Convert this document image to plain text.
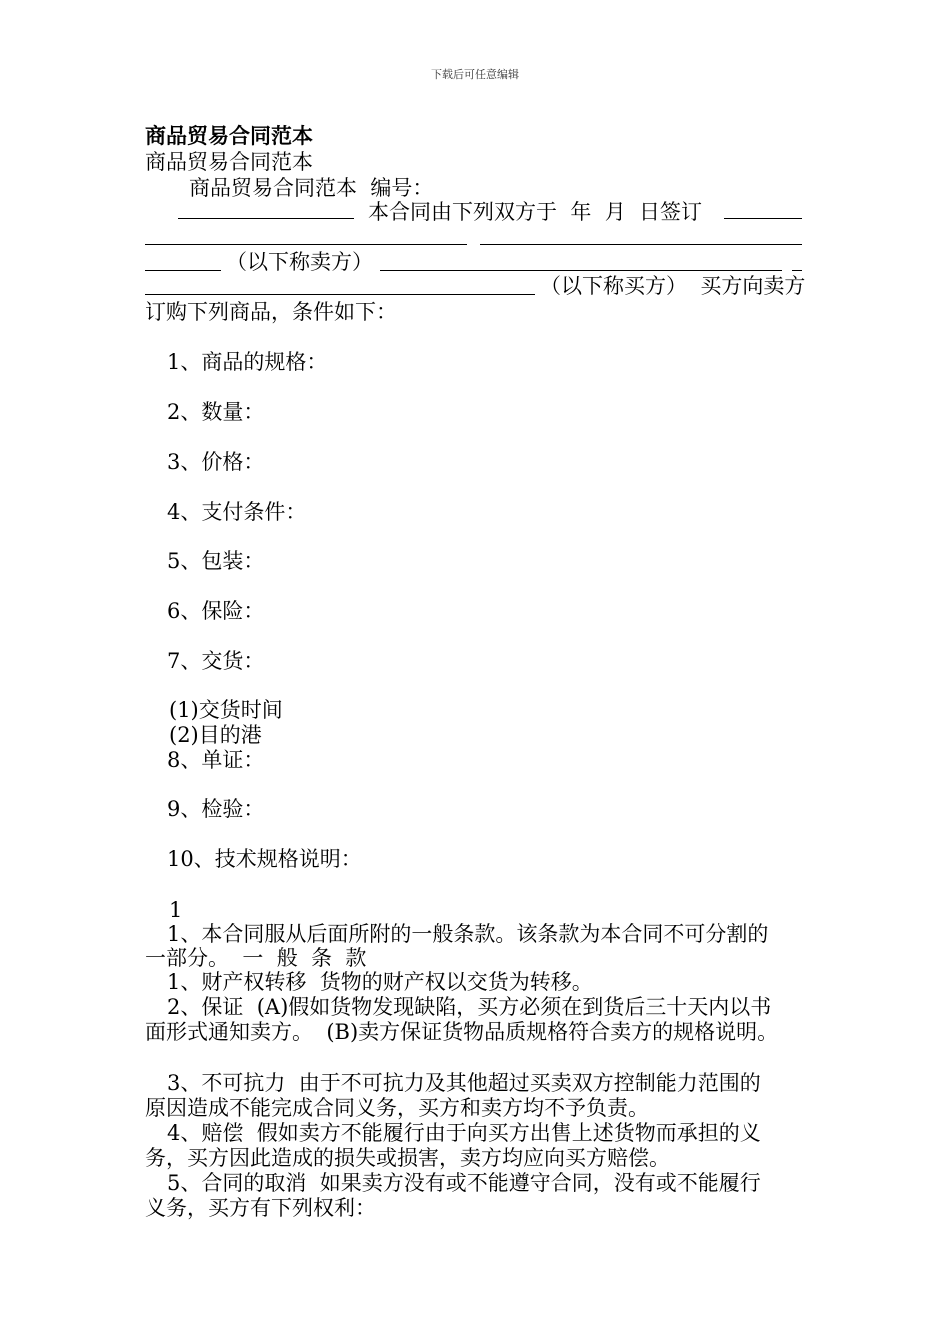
下载后可任意编辑
商品贸易合同范本
商品贸易合同范本
商品贸易合同范本  编号：
本合同由下列双方于  年  月  日签订
（以下称卖方）
（以下称买方）  买方向卖方
订购下列商品，条件如下：
1、商品的规格：
2、数量：
3、价格：
4、支付条件：
5、包装：
6、保险：
7、交货：
(1)交货时间
(2)目的港
8、单证：
9、检验：
10、技术规格说明：
1
1、本合同服从后面所附的一般条款。该条款为本合同不可分割的
一部分。  一  般  条  款
1、财产权转移  货物的财产权以交货为转移。
2、保证  (A)假如货物发现缺陷，买方必须在到货后三十天内以书
面形式通知卖方。  (B)卖方保证货物品质规格符合卖方的规格说明。
3、不可抗力  由于不可抗力及其他超过买卖双方控制能力范围的
原因造成不能完成合同义务，买方和卖方均不予负责。
4、赔偿  假如卖方不能履行由于向买方出售上述货物而承担的义
务，买方因此造成的损失或损害，卖方均应向买方赔偿。
5、合同的取消  如果卖方没有或不能遵守合同，没有或不能履行
义务，买方有下列权利：
